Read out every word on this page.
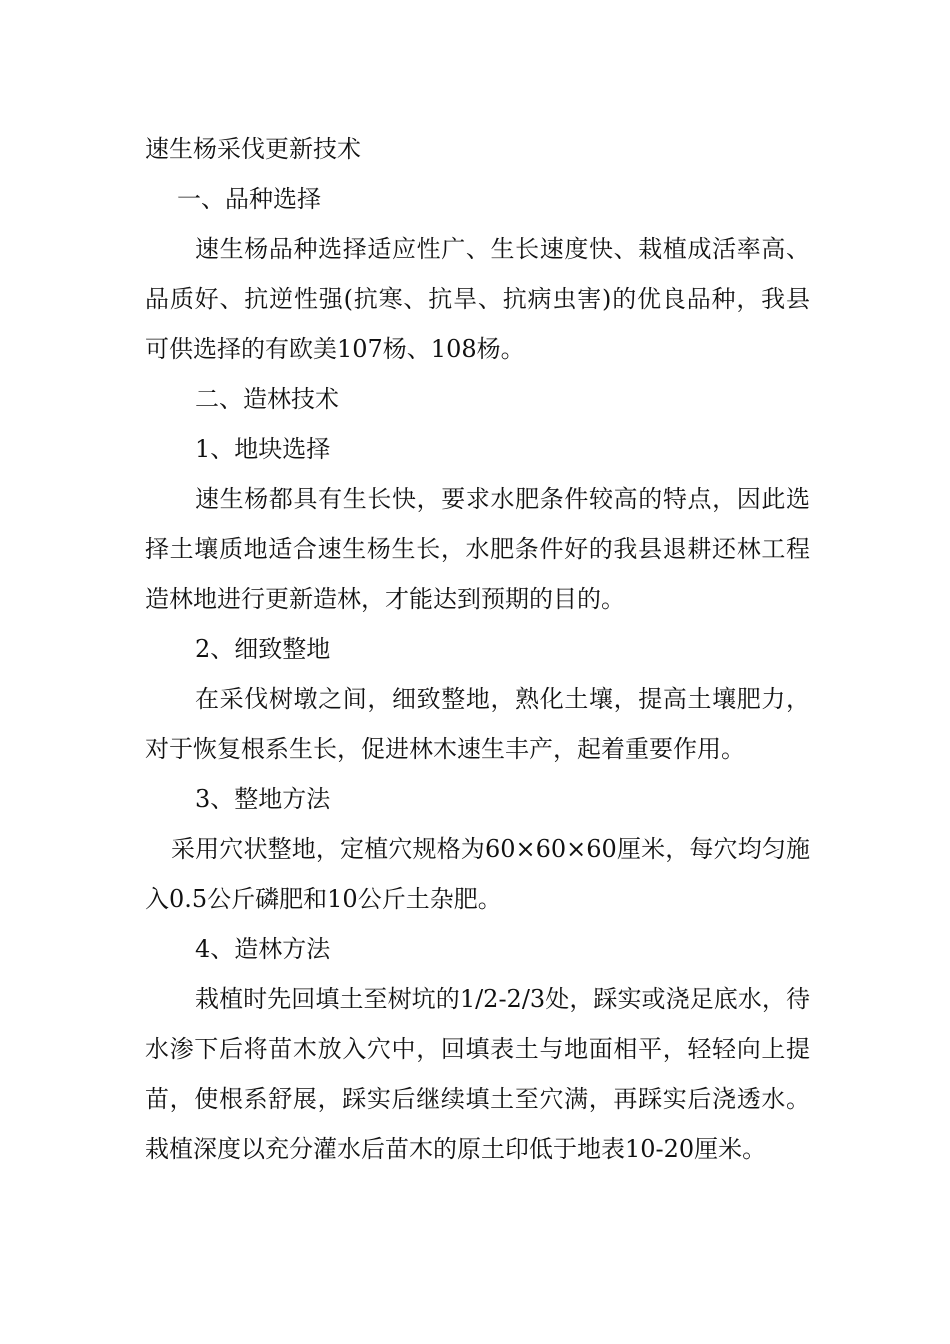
速生杨采伐更新技术

一、品种选择

速生杨品种选择适应性广、生长速度快、栽植成活率高、品质好、抗逆性强(抗寒、抗旱、抗病虫害)的优良品种，我县可供选择的有欧美107杨、108杨。

二、造林技术

1、地块选择

速生杨都具有生长快，要求水肥条件较高的特点，因此选择土壤质地适合速生杨生长，水肥条件好的我县退耕还林工程造林地进行更新造林，才能达到预期的目的。

2、细致整地

在采伐树墩之间，细致整地，熟化土壤，提高土壤肥力，对于恢复根系生长，促进林木速生丰产，起着重要作用。

3、整地方法

采用穴状整地，定植穴规格为60×60×60厘米，每穴均匀施入0.5公斤磷肥和10公斤土杂肥。

4、造林方法

栽植时先回填土至树坑的1/2-2/3处，踩实或浇足底水，待水渗下后将苗木放入穴中，回填表土与地面相平，轻轻向上提苗，使根系舒展，踩实后继续填土至穴满，再踩实后浇透水。栽植深度以充分灌水后苗木的原土印低于地表10-20厘米。
